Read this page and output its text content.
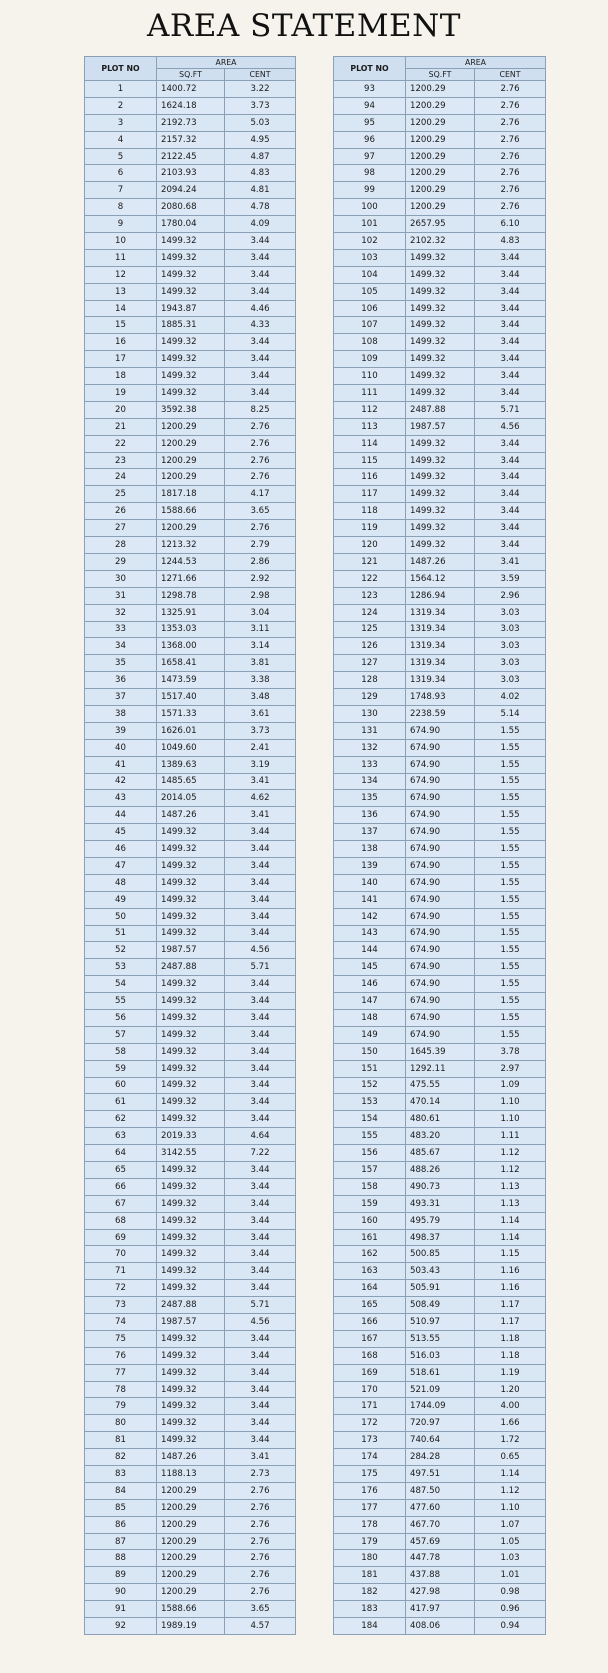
AREA STATEMENT
PLOT NO	AREA	
	SQ.FT	CENT
1	1400.72	3.22
2	1624.18	3.73
3	2192.73	5.03
4	2157.32	4.95
5	2122.45	4.87
6	2103.93	4.83
7	2094.24	4.81
8	2080.68	4.78
9	1780.04	4.09
10	1499.32	3.44
11	1499.32	3.44
12	1499.32	3.44
13	1499.32	3.44
14	1943.87	4.46
15	1885.31	4.33
16	1499.32	3.44
17	1499.32	3.44
18	1499.32	3.44
19	1499.32	3.44
20	3592.38	8.25
21	1200.29	2.76
22	1200.29	2.76
23	1200.29	2.76
24	1200.29	2.76
25	1817.18	4.17
26	1588.66	3.65
27	1200.29	2.76
28	1213.32	2.79
29	1244.53	2.86
30	1271.66	2.92
31	1298.78	2.98
32	1325.91	3.04
33	1353.03	3.11
34	1368.00	3.14
35	1658.41	3.81
36	1473.59	3.38
37	1517.40	3.48
38	1571.33	3.61
39	1626.01	3.73
40	1049.60	2.41
41	1389.63	3.19
42	1485.65	3.41
43	2014.05	4.62
44	1487.26	3.41
45	1499.32	3.44
46	1499.32	3.44
47	1499.32	3.44
48	1499.32	3.44
49	1499.32	3.44
50	1499.32	3.44
51	1499.32	3.44
52	1987.57	4.56
53	2487.88	5.71
54	1499.32	3.44
55	1499.32	3.44
56	1499.32	3.44
57	1499.32	3.44
58	1499.32	3.44
59	1499.32	3.44
60	1499.32	3.44
61	1499.32	3.44
62	1499.32	3.44
63	2019.33	4.64
64	3142.55	7.22
65	1499.32	3.44
66	1499.32	3.44
67	1499.32	3.44
68	1499.32	3.44
69	1499.32	3.44
70	1499.32	3.44
71	1499.32	3.44
72	1499.32	3.44
73	2487.88	5.71
74	1987.57	4.56
75	1499.32	3.44
76	1499.32	3.44
77	1499.32	3.44
78	1499.32	3.44
79	1499.32	3.44
80	1499.32	3.44
81	1499.32	3.44
82	1487.26	3.41
83	1188.13	2.73
84	1200.29	2.76
85	1200.29	2.76
86	1200.29	2.76
87	1200.29	2.76
88	1200.29	2.76
89	1200.29	2.76
90	1200.29	2.76
91	1588.66	3.65
92	1989.19	4.57
PLOT NO	AREA	
	SQ.FT	CENT
93	1200.29	2.76
94	1200.29	2.76
95	1200.29	2.76
96	1200.29	2.76
97	1200.29	2.76
98	1200.29	2.76
99	1200.29	2.76
100	1200.29	2.76
101	2657.95	6.10
102	2102.32	4.83
103	1499.32	3.44
104	1499.32	3.44
105	1499.32	3.44
106	1499.32	3.44
107	1499.32	3.44
108	1499.32	3.44
109	1499.32	3.44
110	1499.32	3.44
111	1499.32	3.44
112	2487.88	5.71
113	1987.57	4.56
114	1499.32	3.44
115	1499.32	3.44
116	1499.32	3.44
117	1499.32	3.44
118	1499.32	3.44
119	1499.32	3.44
120	1499.32	3.44
121	1487.26	3.41
122	1564.12	3.59
123	1286.94	2.96
124	1319.34	3.03
125	1319.34	3.03
126	1319.34	3.03
127	1319.34	3.03
128	1319.34	3.03
129	1748.93	4.02
130	2238.59	5.14
131	674.90	1.55
132	674.90	1.55
133	674.90	1.55
134	674.90	1.55
135	674.90	1.55
136	674.90	1.55
137	674.90	1.55
138	674.90	1.55
139	674.90	1.55
140	674.90	1.55
141	674.90	1.55
142	674.90	1.55
143	674.90	1.55
144	674.90	1.55
145	674.90	1.55
146	674.90	1.55
147	674.90	1.55
148	674.90	1.55
149	674.90	1.55
150	1645.39	3.78
151	1292.11	2.97
152	475.55	1.09
153	470.14	1.10
154	480.61	1.10
155	483.20	1.11
156	485.67	1.12
157	488.26	1.12
158	490.73	1.13
159	493.31	1.13
160	495.79	1.14
161	498.37	1.14
162	500.85	1.15
163	503.43	1.16
164	505.91	1.16
165	508.49	1.17
166	510.97	1.17
167	513.55	1.18
168	516.03	1.18
169	518.61	1.19
170	521.09	1.20
171	1744.09	4.00
172	720.97	1.66
173	740.64	1.72
174	284.28	0.65
175	497.51	1.14
176	487.50	1.12
177	477.60	1.10
178	467.70	1.07
179	457.69	1.05
180	447.78	1.03
181	437.88	1.01
182	427.98	0.98
183	417.97	0.96
184	408.06	0.94
